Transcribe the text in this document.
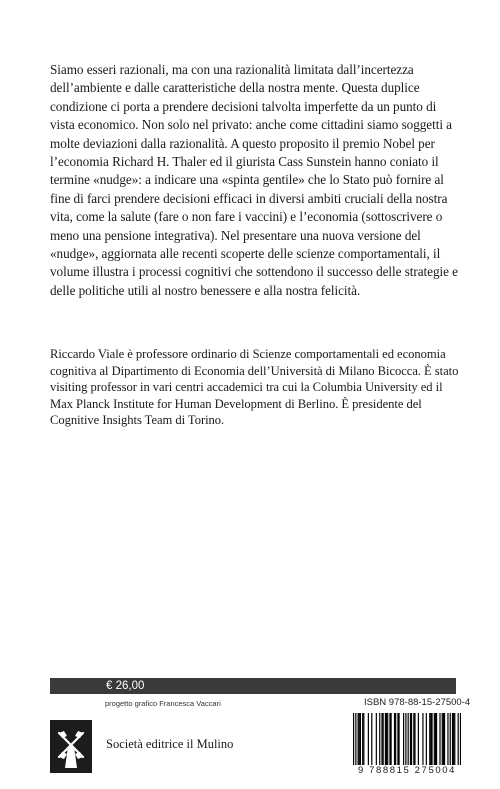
Siamo esseri razionali, ma con una razionalità limitata dall’incertezza dell’ambiente e dalle caratteristiche della nostra mente. Questa duplice condizione ci porta a prendere decisioni talvolta imperfette da un punto di vista economico. Non solo nel privato: anche come cittadini siamo soggetti a molte deviazioni dalla razionalità. A questo proposito il premio Nobel per l’economia Richard H. Thaler ed il giurista Cass Sunstein hanno coniato il termine «nudge»: a indicare una «spinta gentile» che lo Stato può fornire al fine di farci prendere decisioni efficaci in diversi ambiti cruciali della nostra vita, come la salute (fare o non fare i vaccini) e l’economia (sottoscrivere o meno una pensione integrativa). Nel presentare una nuova versione del «nudge», aggiornata alle recenti scoperte delle scienze comportamentali, il volume illustra i processi cognitivi che sottendono il successo delle strategie e delle politiche utili al nostro benessere e alla nostra felicità.

Riccardo Viale è professore ordinario di Scienze comportamentali ed economia cognitiva al Dipartimento di Economia dell’Università di Milano Bicocca. È stato visiting professor in vari centri accademici tra cui la Columbia University ed il Max Planck Institute for Human Development di Berlino. È presidente del Cognitive Insights Team di Torino.

€ 26,00
progetto grafico Francesca Vaccari	ISBN 978-88-15-27500-4
Società editrice il Mulino
9 788815 275004
